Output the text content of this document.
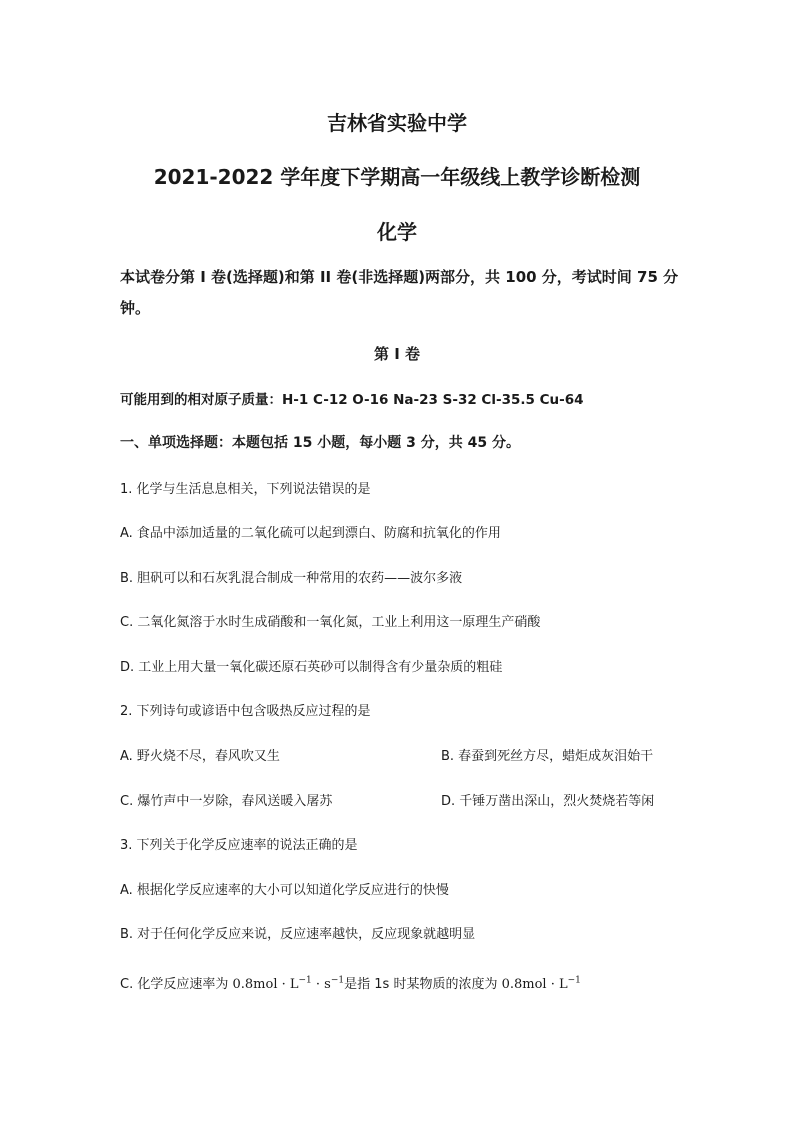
吉林省实验中学
2021-2022 学年度下学期高一年级线上教学诊断检测
化学
本试卷分第 I 卷(选择题)和第 II 卷(非选择题)两部分，共 100 分，考试时间 75 分
钟。
第 I 卷
可能用到的相对原子质量：H-1 C-12 O-16 Na-23 S-32 Cl-35.5 Cu-64
一、单项选择题：本题包括 15 小题，每小题 3 分，共 45 分。
1. 化学与生活息息相关，下列说法错误的是
A. 食品中添加适量的二氧化硫可以起到漂白、防腐和抗氧化的作用
B. 胆矾可以和石灰乳混合制成一种常用的农药——波尔多液
C. 二氧化氮溶于水时生成硝酸和一氧化氮，工业上利用这一原理生产硝酸
D. 工业上用大量一氧化碳还原石英砂可以制得含有少量杂质的粗硅
2. 下列诗句或谚语中包含吸热反应过程的是
A. 野火烧不尽，春风吹又生	B. 春蚕到死丝方尽，蜡炬成灰泪始干
C. 爆竹声中一岁除，春风送暖入屠苏	D. 千锤万凿出深山，烈火焚烧若等闲
3. 下列关于化学反应速率的说法正确的是
A. 根据化学反应速率的大小可以知道化学反应进行的快慢
B. 对于任何化学反应来说，反应速率越快，反应现象就越明显
C. 化学反应速率为 $0.8mol \cdot L^{-1} \cdot s^{-1}$是指 1s 时某物质的浓度为 $0.8mol \cdot L^{-1}$
